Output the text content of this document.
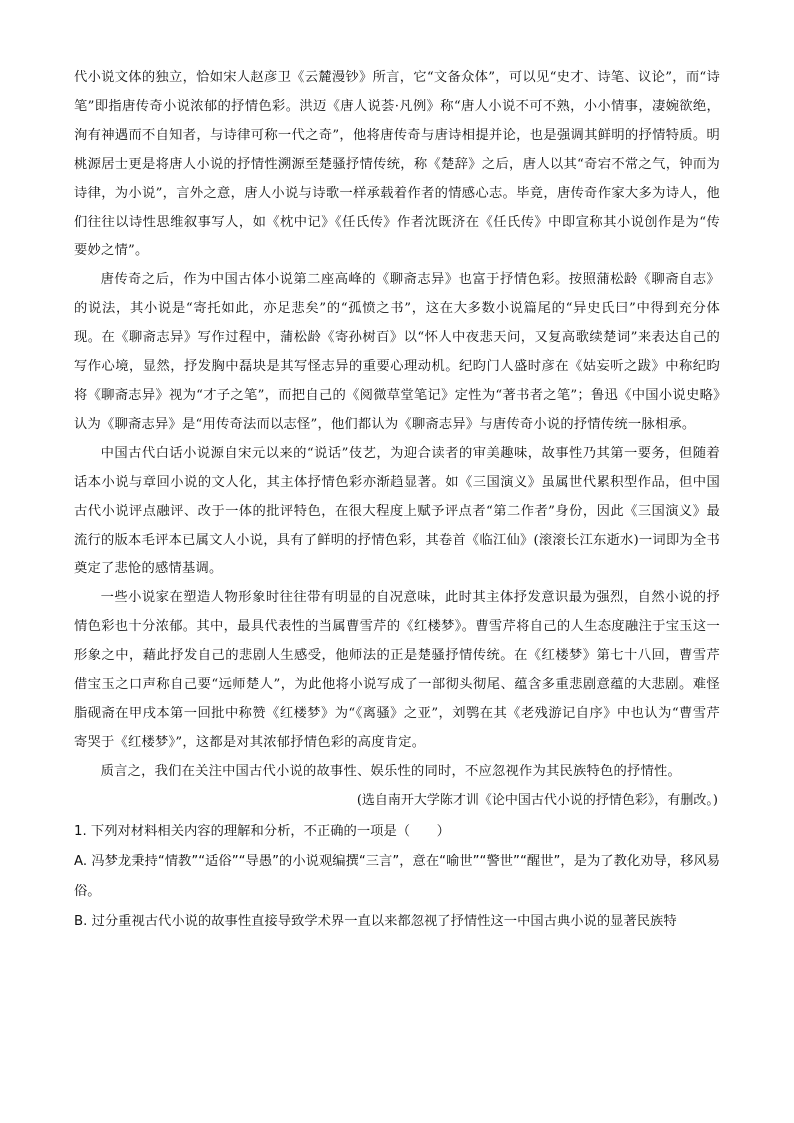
代小说文体的独立，恰如宋人赵彦卫《云麓漫钞》所言，它“文备众体”，可以见“史才、诗笔、议论”，而“诗笔”即指唐传奇小说浓郁的抒情色彩。洪迈《唐人说荟·凡例》称“唐人小说不可不熟，小小情事，凄婉欲绝，洵有神遇而不自知者，与诗律可称一代之奇”，他将唐传奇与唐诗相提并论，也是强调其鲜明的抒情特质。明桃源居士更是将唐人小说的抒情性溯源至楚骚抒情传统，称《楚辞》之后，唐人以其“奇宕不常之气，钟而为诗律，为小说”，言外之意，唐人小说与诗歌一样承载着作者的情感心志。毕竟，唐传奇作家大多为诗人，他们往往以诗性思维叙事写人，如《枕中记》《任氏传》作者沈既济在《任氏传》中即宣称其小说创作是为“传要妙之情”。

唐传奇之后，作为中国古体小说第二座高峰的《聊斋志异》也富于抒情色彩。按照蒲松龄《聊斋自志》的说法，其小说是“寄托如此，亦足悲矣”的“孤愤之书”，这在大多数小说篇尾的“异史氏曰”中得到充分体现。在《聊斋志异》写作过程中，蒲松龄《寄孙树百》以“怀人中夜悲天问，又复高歌续楚词”来表达自己的写作心境，显然，抒发胸中磊块是其写怪志异的重要心理动机。纪昀门人盛时彦在《姑妄听之跋》中称纪昀将《聊斋志异》视为“才子之笔”，而把自己的《阅微草堂笔记》定性为“著书者之笔”；鲁迅《中国小说史略》认为《聊斋志异》是“用传奇法而以志怪”，他们都认为《聊斋志异》与唐传奇小说的抒情传统一脉相承。

中国古代白话小说源自宋元以来的“说话”伎艺，为迎合读者的审美趣味，故事性乃其第一要务，但随着话本小说与章回小说的文人化，其主体抒情色彩亦渐趋显著。如《三国演义》虽属世代累积型作品，但中国古代小说评点融评、改于一体的批评特色，在很大程度上赋予评点者“第二作者”身份，因此《三国演义》最流行的版本毛评本已属文人小说，具有了鲜明的抒情色彩，其卷首《临江仙》(滚滚长江东逝水)一词即为全书奠定了悲怆的感情基调。

一些小说家在塑造人物形象时往往带有明显的自况意味，此时其主体抒发意识最为强烈，自然小说的抒情色彩也十分浓郁。其中，最具代表性的当属曹雪芹的《红楼梦》。曹雪芹将自己的人生态度融注于宝玉这一形象之中，藉此抒发自己的悲剧人生感受，他师法的正是楚骚抒情传统。在《红楼梦》第七十八回，曹雪芹借宝玉之口声称自己要“远师楚人”，为此他将小说写成了一部彻头彻尾、蕴含多重悲剧意蕴的大悲剧。难怪脂砚斋在甲戌本第一回批中称赞《红楼梦》为“《离骚》之亚”，刘鹗在其《老残游记自序》中也认为“曹雪芹寄哭于《红楼梦》”，这都是对其浓郁抒情色彩的高度肯定。

质言之，我们在关注中国古代小说的故事性、娱乐性的同时，不应忽视作为其民族特色的抒情性。

(选自南开大学陈才训《论中国古代小说的抒情色彩》，有删改。)

1. 下列对材料相关内容的理解和分析，不正确的一项是（　　）

A. 冯梦龙秉持“情教”“适俗”“导愚”的小说观编撰“三言”，意在“喻世”“警世”“醒世”，是为了教化劝导，移风易俗。

B. 过分重视古代小说的故事性直接导致学术界一直以来都忽视了抒情性这一中国古典小说的显著民族特
